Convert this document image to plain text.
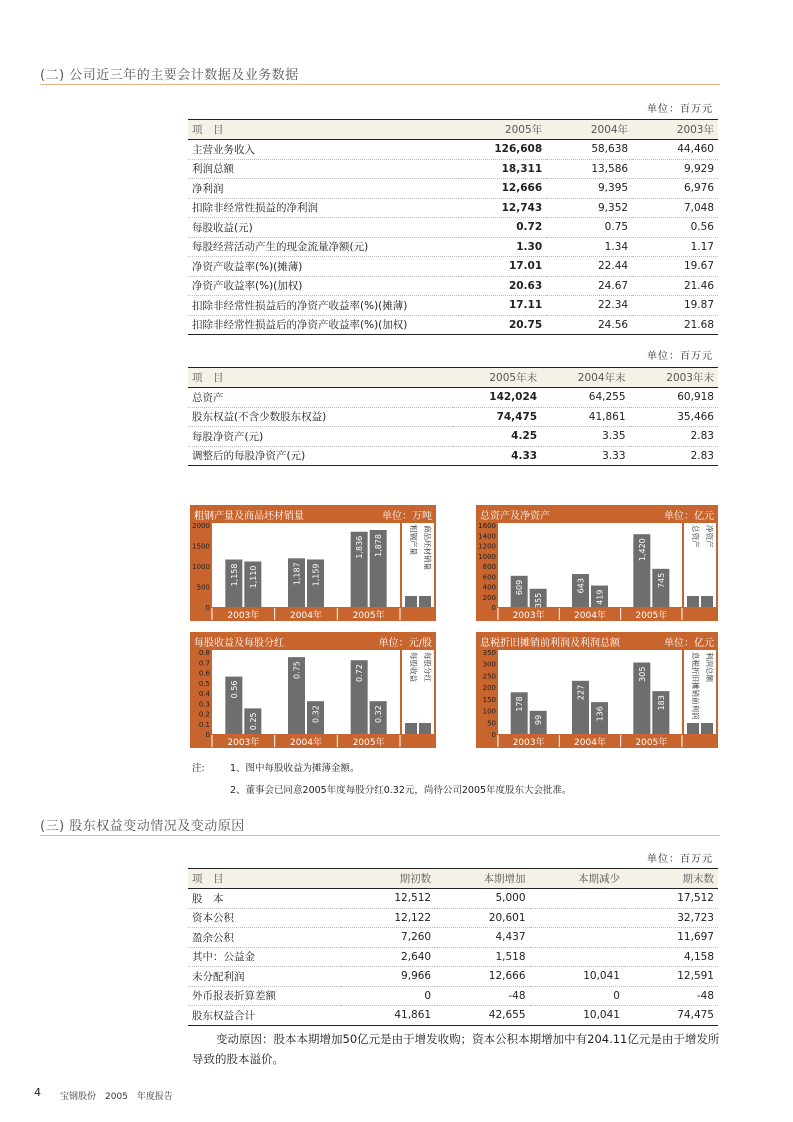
(二) 公司近三年的主要会计数据及业务数据
单位：百万元
项　目	2005年	2004年	2003年
主营业务收入	126,608	58,638	44,460
利润总额	18,311	13,586	9,929
净利润	12,666	9,395	6,976
扣除非经常性损益的净利润	12,743	9,352	7,048
每股收益(元)	0.72	0.75	0.56
每股经营活动产生的现金流量净额(元)	1.30	1.34	1.17
净资产收益率(%)(摊薄)	17.01	22.44	19.67
净资产收益率(%)(加权)	20.63	24.67	21.46
扣除非经常性损益后的净资产收益率(%)(摊薄)	17.11	22.34	19.87
扣除非经常性损益后的净资产收益率(%)(加权)	20.75	24.56	21.68
单位：百万元
项　目	2005年末	2004年末	2003年末
总资产	142,024	64,255	60,918
股东权益(不含少数股东权益)	74,475	41,861	35,466
每股净资产(元)	4.25	3.35	2.83
调整后的每股净资产(元)	4.33	3.33	2.83
粗钢产量及商品坯材销量	单位：万吨
2000
1500
1000
500
0
1,158 1,110
2003年
1,187 1,159
2004年
1,836 1,878
2005年
粗钢产量 商品坯材销量
总资产及净资产	单位：亿元
1600
1400
1200
1000
800
600
400
200
0
609
355
2003年
643
419
2004年
1,420
745
2005年
总资产 净资产
每股收益及每股分红	单位：元/股
0.8
0.7
0.6
0.5
0.4
0.3
0.2
0.1
0
0.56
0.25
2003年
0.75
0.32
2004年
0.72
0.32
2005年
每股收益 每股分红
息税折旧摊销前利润及利润总额	单位：亿元
350
300
250
200
150
100
50
0
178
99
2003年
227
136
2004年
305
183
2005年
息税折旧摊销前利润 利润总额
注:	1、图中每股收益为摊薄金额。
2、董事会已同意2005年度每股分红0.32元，尚待公司2005年度股东大会批准。
(三) 股东权益变动情况及变动原因
单位：百万元
项　目	期初数	本期增加	本期减少	期末数
股　本	12,512	5,000		17,512
资本公积	12,122	20,601		32,723
盈余公积	7,260	4,437		11,697
其中：公益金	2,640	1,518		4,158
未分配利润	9,966	12,666	10,041	12,591
外币报表折算差额	0	-48	0	-48
股东权益合计	41,861	42,655	10,041	74,475
变动原因：股本本期增加50亿元是由于增发收购；资本公积本期增加中有204.11亿元是由于增发所导致的股本溢价。
4 宝钢股份　2005　年度报告
